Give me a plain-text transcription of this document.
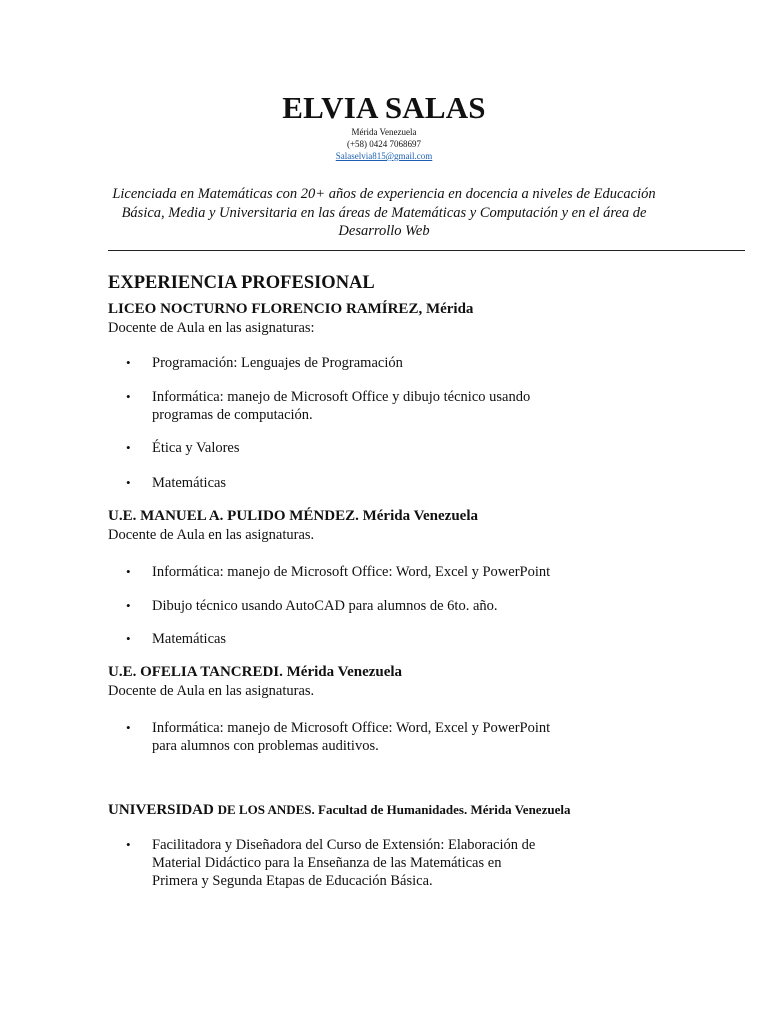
ELVIA SALAS
Mérida Venezuela
(+58) 0424 7068697
Salaselvia815@gmail.com
Licenciada en Matemáticas con 20+ años de experiencia en docencia a niveles de Educación Básica, Media y Universitaria en las áreas de Matemáticas y Computación y en el área de Desarrollo Web
EXPERIENCIA PROFESIONAL
LICEO NOCTURNO FLORENCIO RAMÍREZ, Mérida
Docente de Aula en las asignaturas:
• Programación: Lenguajes de Programación
• Informática: manejo de Microsoft Office y dibujo técnico usando
programas de computación.
• Ética y Valores
• Matemáticas
U.E. MANUEL A. PULIDO MÉNDEZ. Mérida Venezuela
Docente de Aula en las asignaturas.
• Informática: manejo de Microsoft Office: Word, Excel y PowerPoint
• Dibujo técnico usando AutoCAD para alumnos de 6to. año.
• Matemáticas
U.E. OFELIA TANCREDI. Mérida Venezuela
Docente de Aula en las asignaturas.
• Informática: manejo de Microsoft Office: Word, Excel y PowerPoint
para alumnos con problemas auditivos.
UNIVERSIDAD DE LOS ANDES. Facultad de Humanidades. Mérida Venezuela
• Facilitadora y Diseñadora del Curso de Extensión: Elaboración de
Material Didáctico para la Enseñanza de las Matemáticas en
Primera y Segunda Etapas de Educación Básica.
